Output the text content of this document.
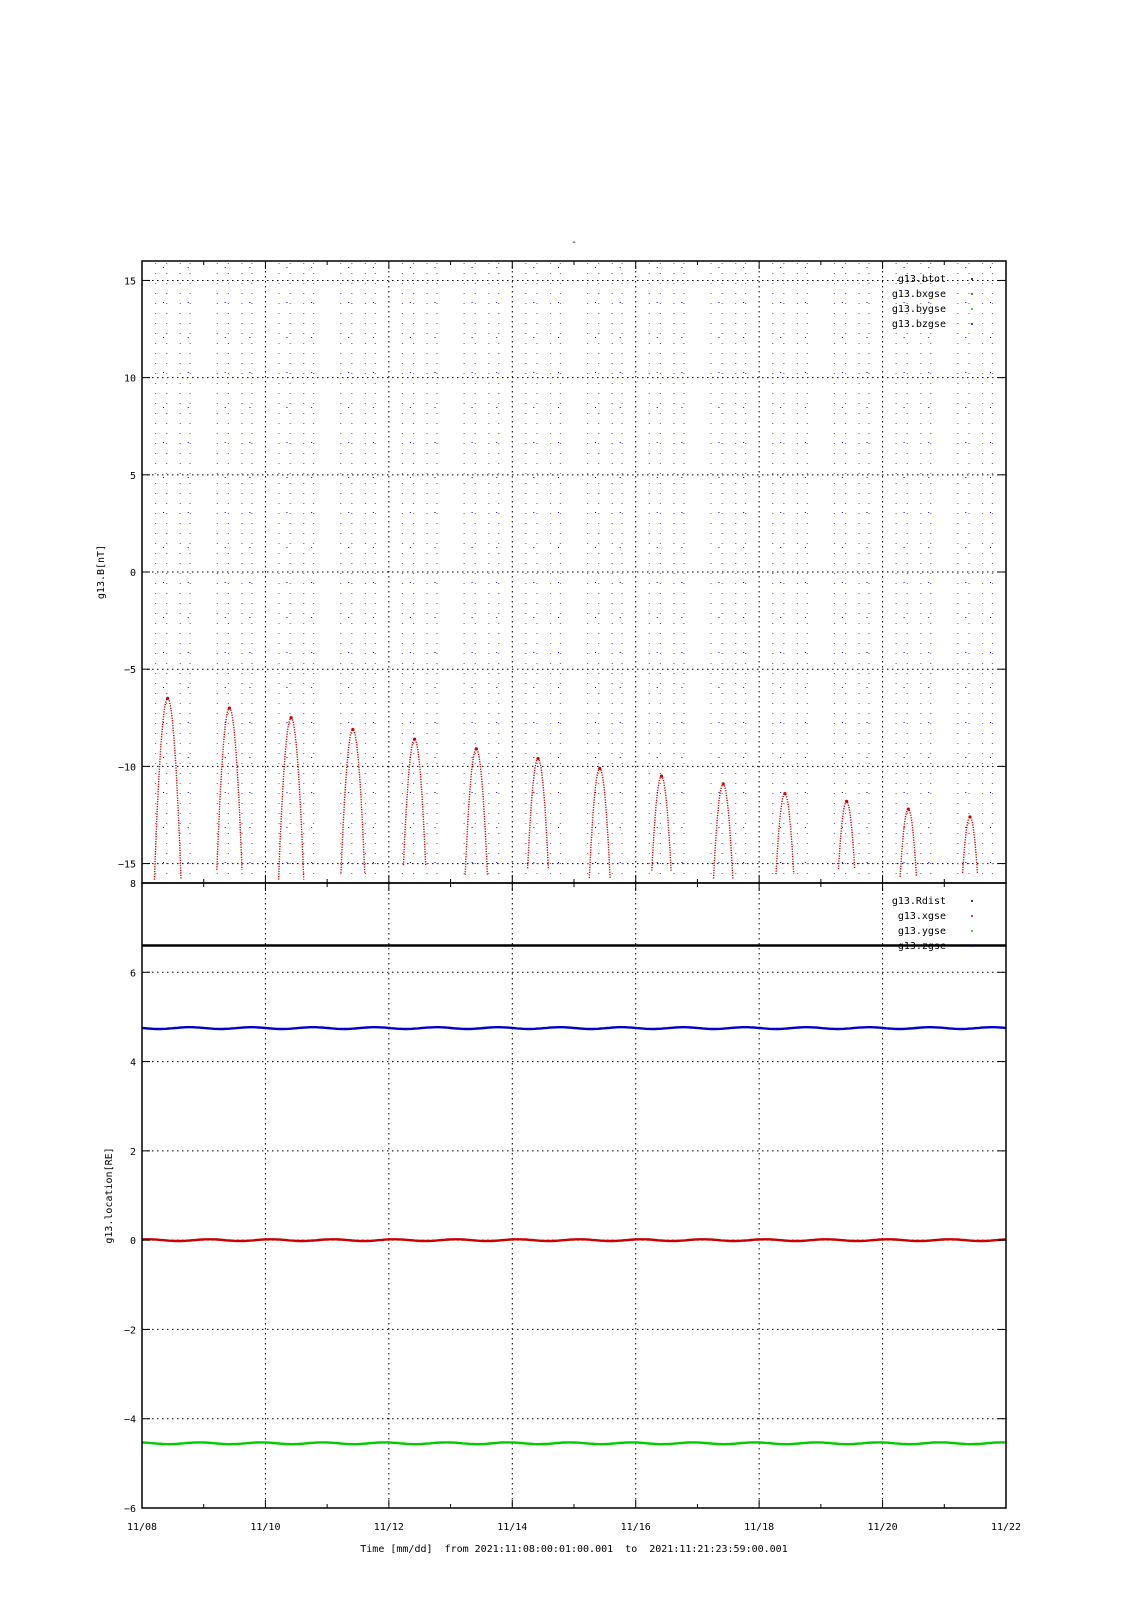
-
15
10
5
0
−5
−10
−15
g13.B[nT]
g13.btot
g13.bxgse
g13.bygse
g13.bzgse
8
6
4
2
0
−2
−4
−6
g13.location[RE]
g13.Rdist
g13.xgse
g13.ygse
g13.zgse
11/08	11/10	11/12	11/14	11/16	11/18	11/20	11/22
Time [mm/dd]  from 2021:11:08:00:01:00.001  to  2021:11:21:23:59:00.001
